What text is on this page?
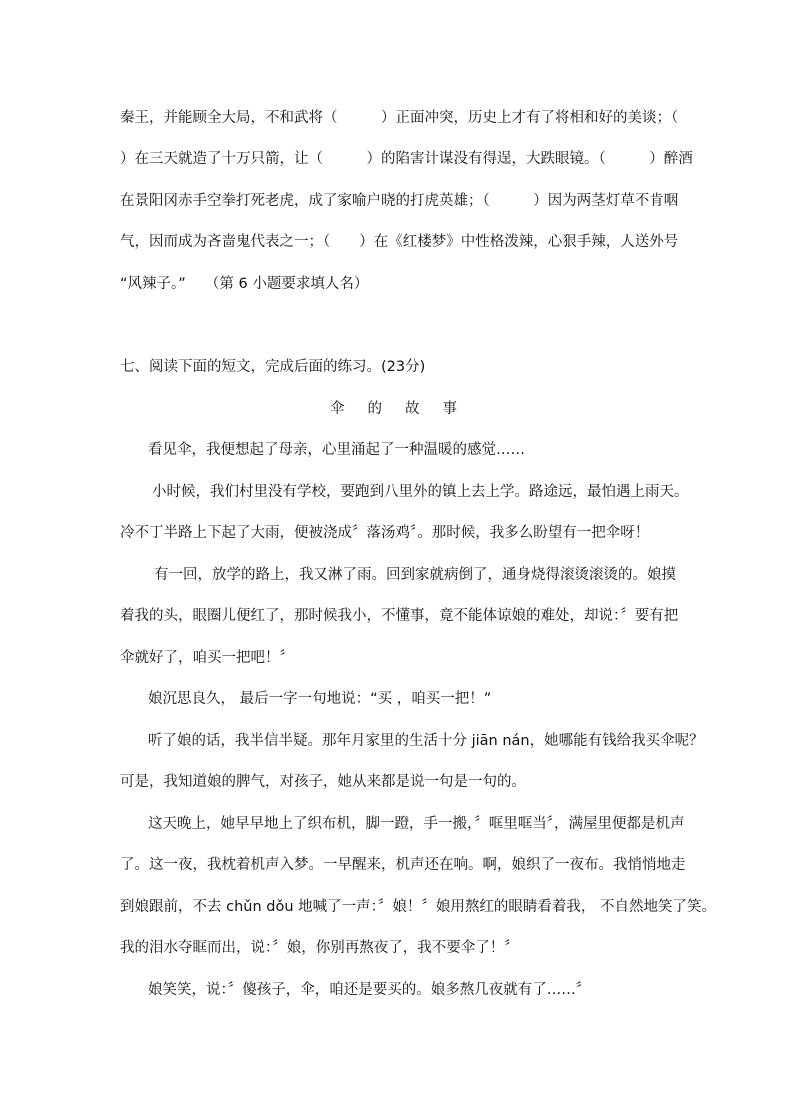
秦王，并能顾全大局，不和武将（　　　）正面冲突，历史上才有了将相和好的美谈；（
）在三天就造了十万只箭，让（　　　）的陷害计谋没有得逞，大跌眼镜。（　　　）醉酒
在景阳冈赤手空拳打死老虎，成了家喻户晓的打虎英雄；（　　　）因为两茎灯草不肯咽
气，因而成为吝啬鬼代表之一；（　　）在《红楼梦》中性格泼辣，心狠手辣，人送外号
“风辣子。”　 （第 6 小题要求填人名）
七、阅读下面的短文，完成后面的练习。(23分)
伞 的 故 事
看见伞，我便想起了母亲，心里涌起了一种温暖的感觉……
小时候，我们村里没有学校，要跑到八里外的镇上去上学。路途远，最怕遇上雨天。
冷不丁半路上下起了大雨，便被浇成〞落汤鸡〞。那时候，我多么盼望有一把伞呀！
有一回，放学的路上，我又淋了雨。回到家就病倒了，通身烧得滚烫滚烫的。娘摸
着我的头，眼圈儿便红了，那时候我小，不懂事，竟不能体谅娘的难处，却说：〞要有把
伞就好了，咱买一把吧！〞
娘沉思良久， 最后一字一句地说：“买 ，咱买一把！”
听了娘的话，我半信半疑。那年月家里的生活十分 jiān nán，她哪能有钱给我买伞呢？
可是，我知道娘的脾气，对孩子，她从来都是说一句是一句的。
这天晚上，她早早地上了织布机，脚一蹬，手一搬，〞哐里哐当〞，满屋里便都是机声
了。这一夜，我枕着机声入梦。一早醒来，机声还在响。啊，娘织了一夜布。我悄悄地走
到娘跟前，不去 chǔn dǒu 地喊了一声：〞娘！〞娘用熬红的眼睛看着我， 不自然地笑了笑。
我的泪水夺眶而出，说：〞娘，你别再熬夜了，我不要伞了！〞
娘笑笑，说：〞傻孩子，伞，咱还是要买的。娘多熬几夜就有了……〞
